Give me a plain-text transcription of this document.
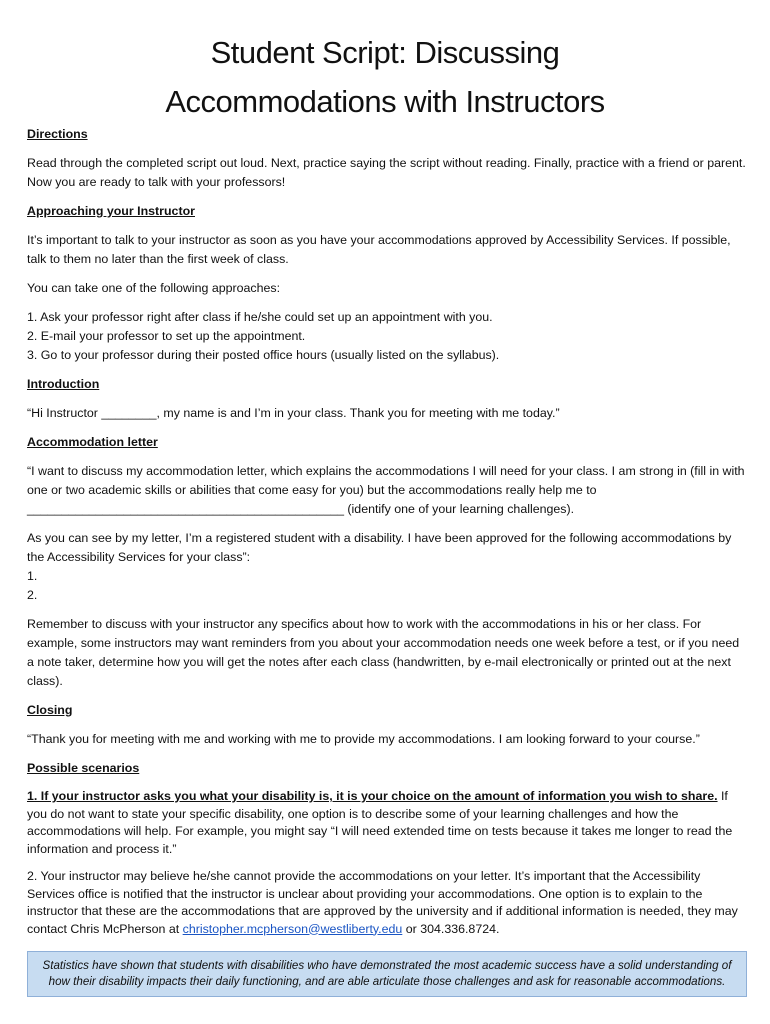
Student Script: Discussing
Accommodations with Instructors
Directions
Read through the completed script out loud. Next, practice saying the script without reading. Finally, practice with a friend or parent. Now you are ready to talk with your professors!
Approaching your Instructor
It’s important to talk to your instructor as soon as you have your accommodations approved by Accessibility Services. If possible, talk to them no later than the first week of class.
You can take one of the following approaches:
1. Ask your professor right after class if he/she could set up an appointment with you.
2. E-mail your professor to set up the appointment.
3. Go to your professor during their posted office hours (usually listed on the syllabus).
Introduction
“Hi Instructor ________, my name is and I’m in your class. Thank you for meeting with me today.”
Accommodation letter
“I want to discuss my accommodation letter, which explains the accommodations I will need for your class. I am strong in (fill in with one or two academic skills or abilities that come easy for you) but the accommodations really help me to ______________________________________________ (identify one of your learning challenges).
As you can see by my letter, I’m a registered student with a disability. I have been approved for the following accommodations by the Accessibility Services for your class”:
1.
2.
Remember to discuss with your instructor any specifics about how to work with the accommodations in his or her class. For example, some instructors may want reminders from you about your accommodation needs one week before a test, or if you need a note taker, determine how you will get the notes after each class (handwritten, by e-mail electronically or printed out at the next class).
Closing
“Thank you for meeting with me and working with me to provide my accommodations. I am looking forward to your course.”
Possible scenarios
1. If your instructor asks you what your disability is, it is your choice on the amount of information you wish to share. If you do not want to state your specific disability, one option is to describe some of your learning challenges and how the accommodations will help. For example, you might say “I will need extended time on tests because it takes me longer to read the information and process it.”
2. Your instructor may believe he/she cannot provide the accommodations on your letter. It’s important that the Accessibility Services office is notified that the instructor is unclear about providing your accommodations. One option is to explain to the instructor that these are the accommodations that are approved by the university and if additional information is needed, they may contact Chris McPherson at christopher.mcpherson@westliberty.edu or 304.336.8724.
Statistics have shown that students with disabilities who have demonstrated the most academic success have a solid understanding of how their disability impacts their daily functioning, and are able articulate those challenges and ask for reasonable accommodations.
